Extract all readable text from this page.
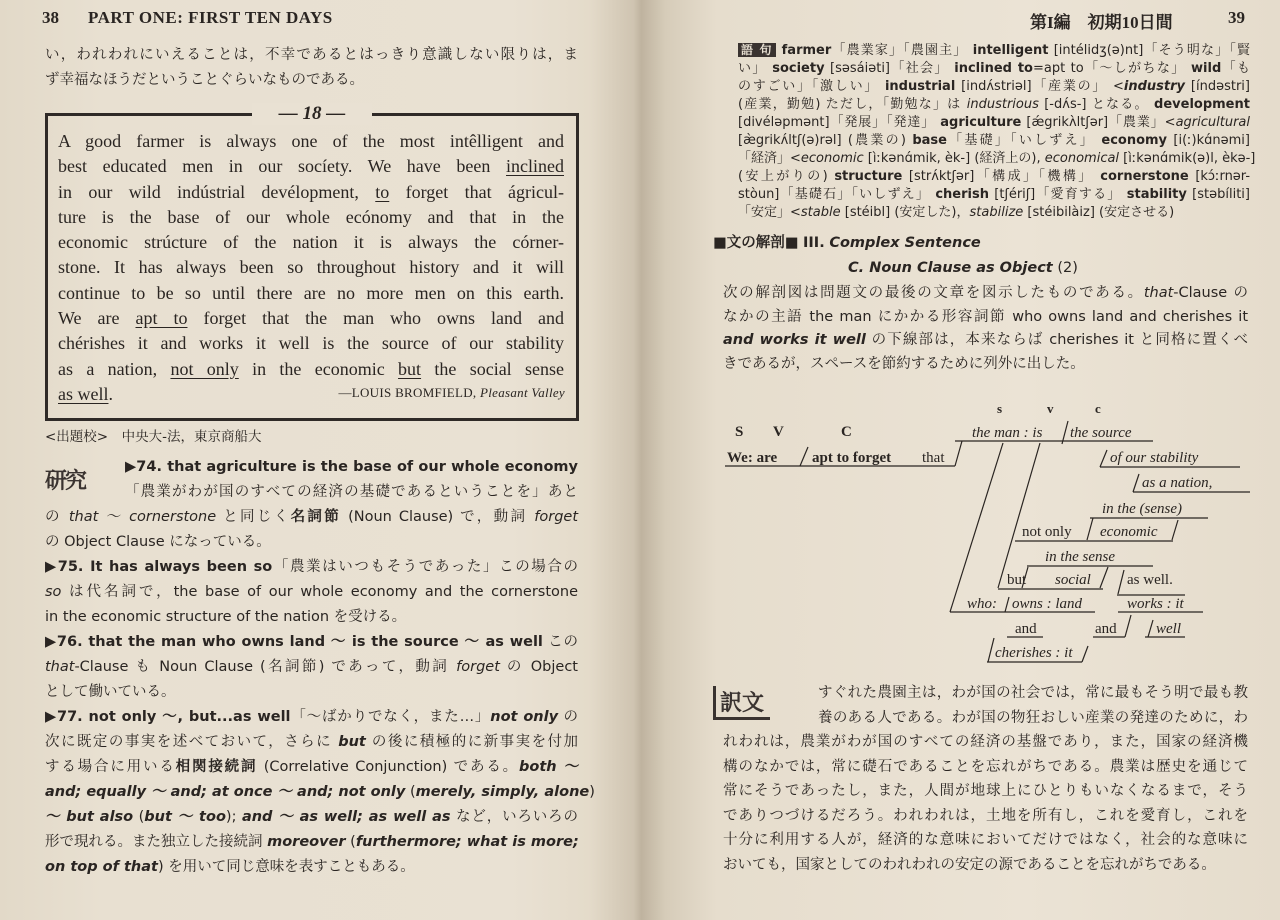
38 PART ONE: FIRST TEN DAYS
い，われわれにいえることは，不幸であるとはっきり意識しない限りは，ま
ず幸福なほうだということぐらいなものである。
— 18 —
A good farmer is always one of the most intêlligent and
best educated men in our socíety. We have been inclined
in our wild indústrial devélopment, to forget that ágricul-
ture is the base of our whole ecónomy and that in the
economic strúcture of the nation it is always the córner-
stone. It has always been so throughout history and it will
continue to be so until there are no more men on this earth.
We are apt to forget that the man who owns land and
chérishes it and works it well is the source of our stability
as a nation, not only in the economic but the social sense
as well.	—LOUIS BROMFIELD, Pleasant Valley
<出題校>　中央大-法，東京商船大
研究
▶74. that agriculture is the base of our whole economy
「農業がわが国のすべての経済の基礎であるということを」あと
の that ～ cornerstone と同じく名詞節 (Noun Clause) で，動詞 forget
の Object Clause になっている。
▶75. It has always been so「農業はいつもそうであった」この場合の
so は代名詞で，the base of our whole economy and the cornerstone
in the economic structure of the nation を受ける。
▶76. that the man who owns land ～ is the source ～ as well この
that-Clause も Noun Clause (名詞節) であって，動詞 forget の Object
として働いている。
▶77. not only ～, but...as well「～ばかりでなく，また…」not only の
次に既定の事実を述べておいて，さらに but の後に積極的に新事実を付加
する場合に用いる相関接続詞 (Correlative Conjunction) である。both ～
and; equally ～ and; at once ～ and; not only (merely, simply, alone)
～ but also (but ～ too); and ～ as well; as well as など，いろいろの
形で現れる。また独立した接続詞 moreover (furthermore; what is more;
on top of that) を用いて同じ意味を表すこともある。
第I編　初期10日間	39
語 句 farmer「農業家」「農園主」 intelligent [intélidʒ(ə)nt]「そう明な」「賢
い」 society [səsáiəti]「社会」 inclined to=apt to「～しがちな」 wild「も
のすごい」「激しい」 industrial [indʌ́striəl]「産業の」 <industry [índəstri]
(産業，勤勉) ただし，「勤勉な」は industrious [-dʌ́s-] となる。 development
[divéləpmənt]「発展」「発達」 agriculture [ǽgrikʌ̀ltʃər]「農業」<agricultural
[æ̀grikʌ́ltʃ(ə)rəl] (農業の) base「基礎」「いしずえ」 economy [i(ː)kɑ́nəmi]
「経済」<economic [ìːkənɑ́mik, èk-] (経済上の), economical [ìːkənɑ́mik(ə)l, èkə-]
(安上がりの) structure [strʌ́ktʃər]「構成」「機構」 cornerstone [kɔ́ːrnər-
stòun]「基礎石」「いしずえ」 cherish [tʃériʃ]「愛育する」 stability [stəbíliti]
「安定」<stable [stéibl] (安定した)，stabilize [stéibilàiz] (安定させる)
■文の解剖■ III. Complex Sentence
C. Noun Clause as Object (2)
次の解剖図は問題文の最後の文章を図示したものである。that-Clause の
なかの主語 the man にかかる形容詞節 who owns land and cherishes it
and works it well の下線部は，本来ならば cherishes it と同格に置くべ
きであるが，スペースを節約するために列外に出した。
S V	C
s	v	c
We: are apt to forget that
the man : is the source
of our stability
as a nation,
in the (sense)
not only economic
in the sense
but social as well.
who: owns : land	works : it
and	and	well
cherishes : it
訳文	すぐれた農園主は，わが国の社会では，常に最もそう明で最も教
養のある人である。わが国の物狂おしい産業の発達のために，わ
れわれは，農業がわが国のすべての経済の基盤であり，また，国家の経済機
構のなかでは，常に礎石であることを忘れがちである。農業は歴史を通じて
常にそうであったし，また，人間が地球上にひとりもいなくなるまで，そう
でありつづけるだろう。われわれは，土地を所有し，これを愛育し，これを
十分に利用する人が，経済的な意味においてだけではなく，社会的な意味に
おいても，国家としてのわれわれの安定の源であることを忘れがちである。
